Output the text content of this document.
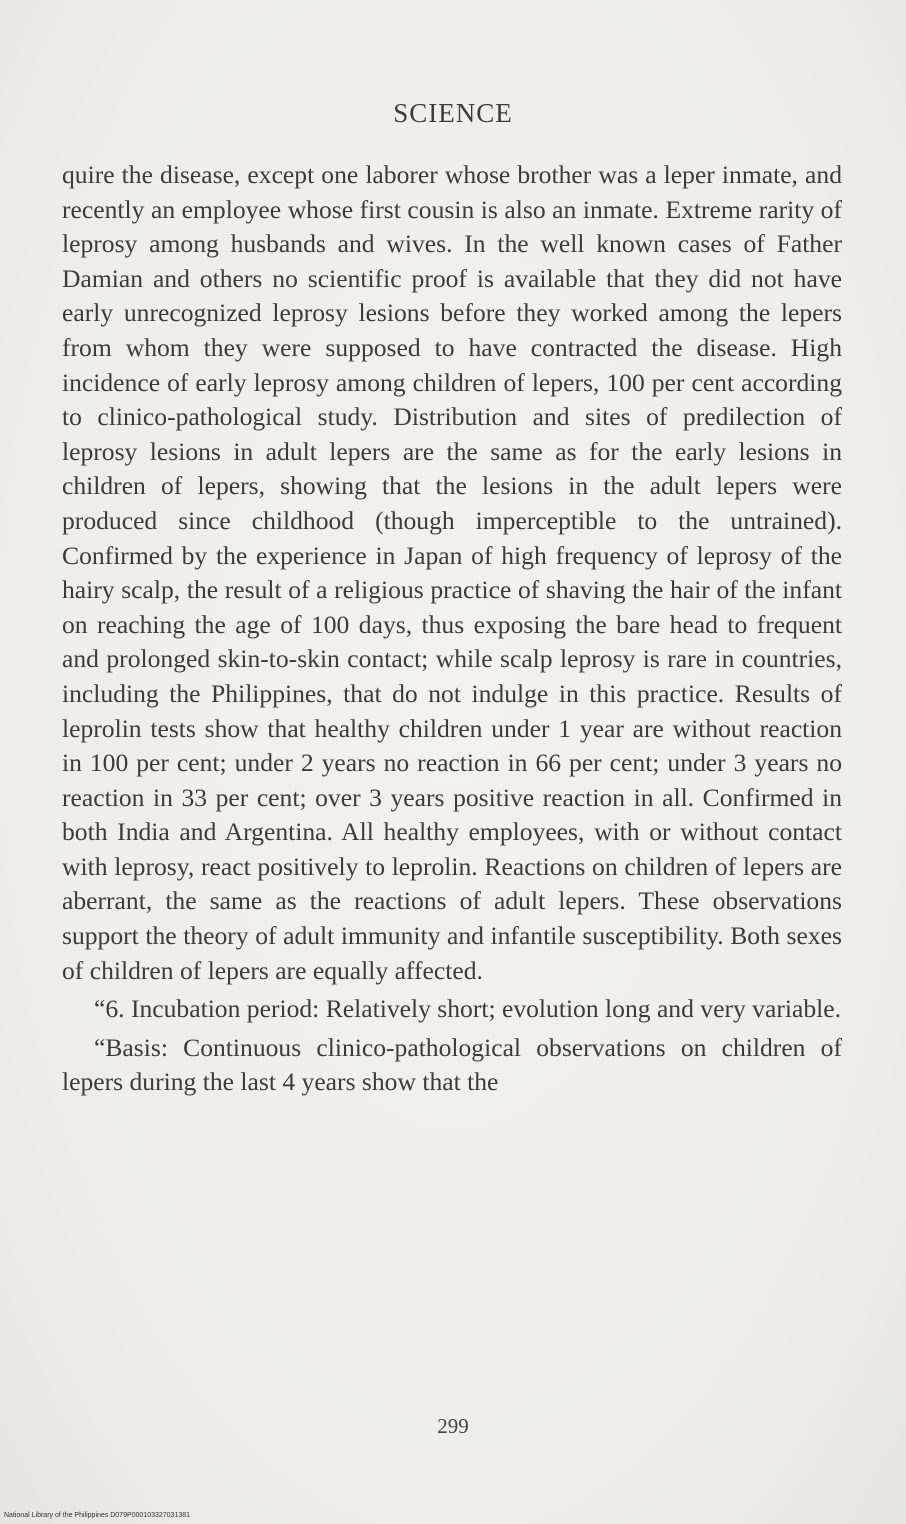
SCIENCE

quire the disease, except one laborer whose brother was a leper inmate, and recently an employee whose first cousin is also an inmate. Extreme rarity of leprosy among husbands and wives. In the well known cases of Father Damian and others no scientific proof is available that they did not have early unrecognized leprosy lesions before they worked among the lepers from whom they were supposed to have contracted the disease. High incidence of early leprosy among children of lepers, 100 per cent according to clinico-pathological study. Distribution and sites of predilection of leprosy lesions in adult lepers are the same as for the early lesions in children of lepers, showing that the lesions in the adult lepers were produced since childhood (though imperceptible to the untrained). Confirmed by the experience in Japan of high frequency of leprosy of the hairy scalp, the result of a religious practice of shaving the hair of the infant on reaching the age of 100 days, thus exposing the bare head to frequent and prolonged skin-to-skin contact; while scalp leprosy is rare in countries, including the Philippines, that do not indulge in this practice. Results of leprolin tests show that healthy children under 1 year are without reaction in 100 per cent; under 2 years no reaction in 66 per cent; under 3 years no reaction in 33 per cent; over 3 years positive reaction in all. Confirmed in both India and Argentina. All healthy employees, with or without contact with leprosy, react positively to leprolin. Reactions on children of lepers are aberrant, the same as the reactions of adult lepers. These observations support the theory of adult immunity and infantile susceptibility. Both sexes of children of lepers are equally affected.

“6. Incubation period: Relatively short; evolution long and very variable.

“Basis: Continuous clinico-pathological observations on children of lepers during the last 4 years show that the

299
National Library of the Philippines D079P000103327031381
